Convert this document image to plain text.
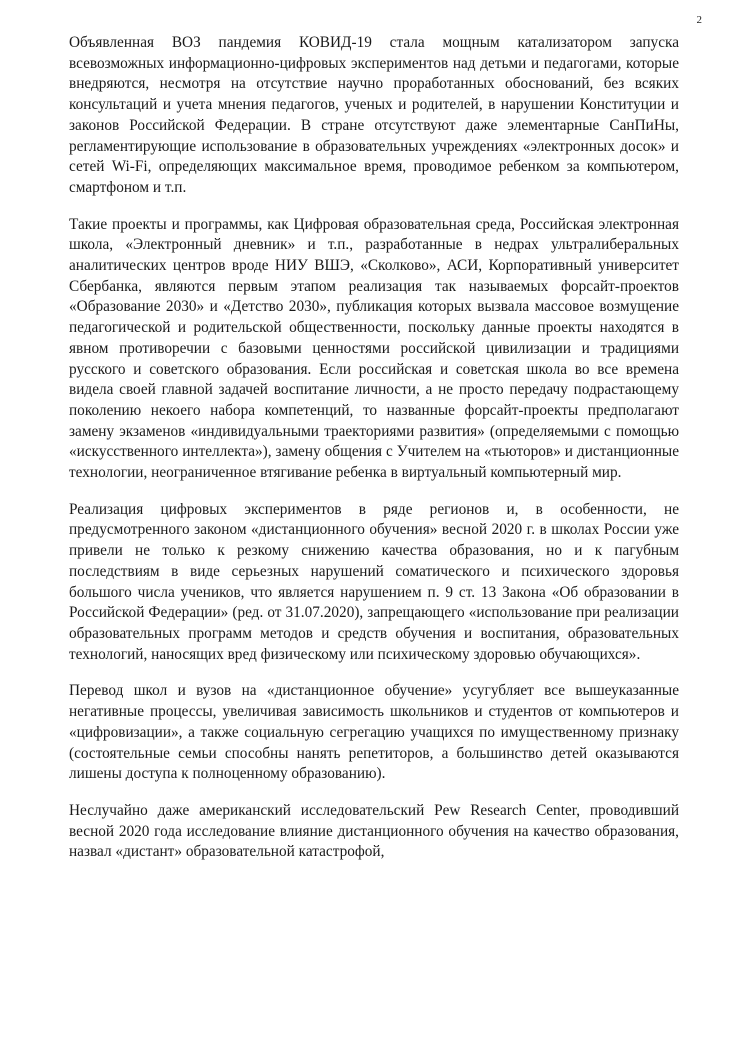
2

Объявленная ВОЗ пандемия КОВИД-19 стала мощным катализатором запуска всевозможных информационно-цифровых экспериментов над детьми и педагогами, которые внедряются, несмотря на отсутствие научно проработанных обоснований, без всяких консультаций и учета мнения педагогов, ученых и родителей, в нарушении Конституции и законов Российской Федерации. В стране отсутствуют даже элементарные СанПиНы, регламентирующие использование в образовательных учреждениях «электронных досок» и сетей Wi-Fi, определяющих максимальное время, проводимое ребенком за компьютером, смартфоном и т.п.

Такие проекты и программы, как Цифровая образовательная среда, Российская электронная школа, «Электронный дневник» и т.п., разработанные в недрах ультралиберальных аналитических центров вроде НИУ ВШЭ, «Сколково», АСИ, Корпоративный университет Сбербанка, являются первым этапом реализация так называемых форсайт-проектов «Образование 2030» и «Детство 2030», публикация которых вызвала массовое возмущение педагогической и родительской общественности, поскольку данные проекты находятся в явном противоречии с базовыми ценностями российской цивилизации и традициями русского и советского образования. Если российская и советская школа во все времена видела своей главной задачей воспитание личности, а не просто передачу подрастающему поколению некоего набора компетенций, то названные форсайт-проекты предполагают замену экзаменов «индивидуальными траекториями развития» (определяемыми с помощью «искусственного интеллекта»), замену общения с Учителем на «тьюторов» и дистанционные технологии, неограниченное втягивание ребенка в виртуальный компьютерный мир.

Реализация цифровых экспериментов в ряде регионов и, в особенности, не предусмотренного законом «дистанционного обучения» весной 2020 г. в школах России уже привели не только к резкому снижению качества образования, но и к пагубным последствиям в виде серьезных нарушений соматического и психического здоровья большого числа учеников, что является нарушением п. 9 ст. 13 Закона «Об образовании в Российской Федерации» (ред. от 31.07.2020), запрещающего «использование при реализации образовательных программ методов и средств обучения и воспитания, образовательных технологий, наносящих вред физическому или психическому здоровью обучающихся».

Перевод школ и вузов на «дистанционное обучение» усугубляет все вышеуказанные негативные процессы, увеличивая зависимость школьников и студентов от компьютеров и «цифровизации», а также социальную сегрегацию учащихся по имущественному признаку (состоятельные семьи способны нанять репетиторов, а большинство детей оказываются лишены доступа к полноценному образованию).

Неслучайно даже американский исследовательский Pew Research Center, проводивший весной 2020 года исследование влияние дистанционного обучения на качество образования, назвал «дистант» образовательной катастрофой,
